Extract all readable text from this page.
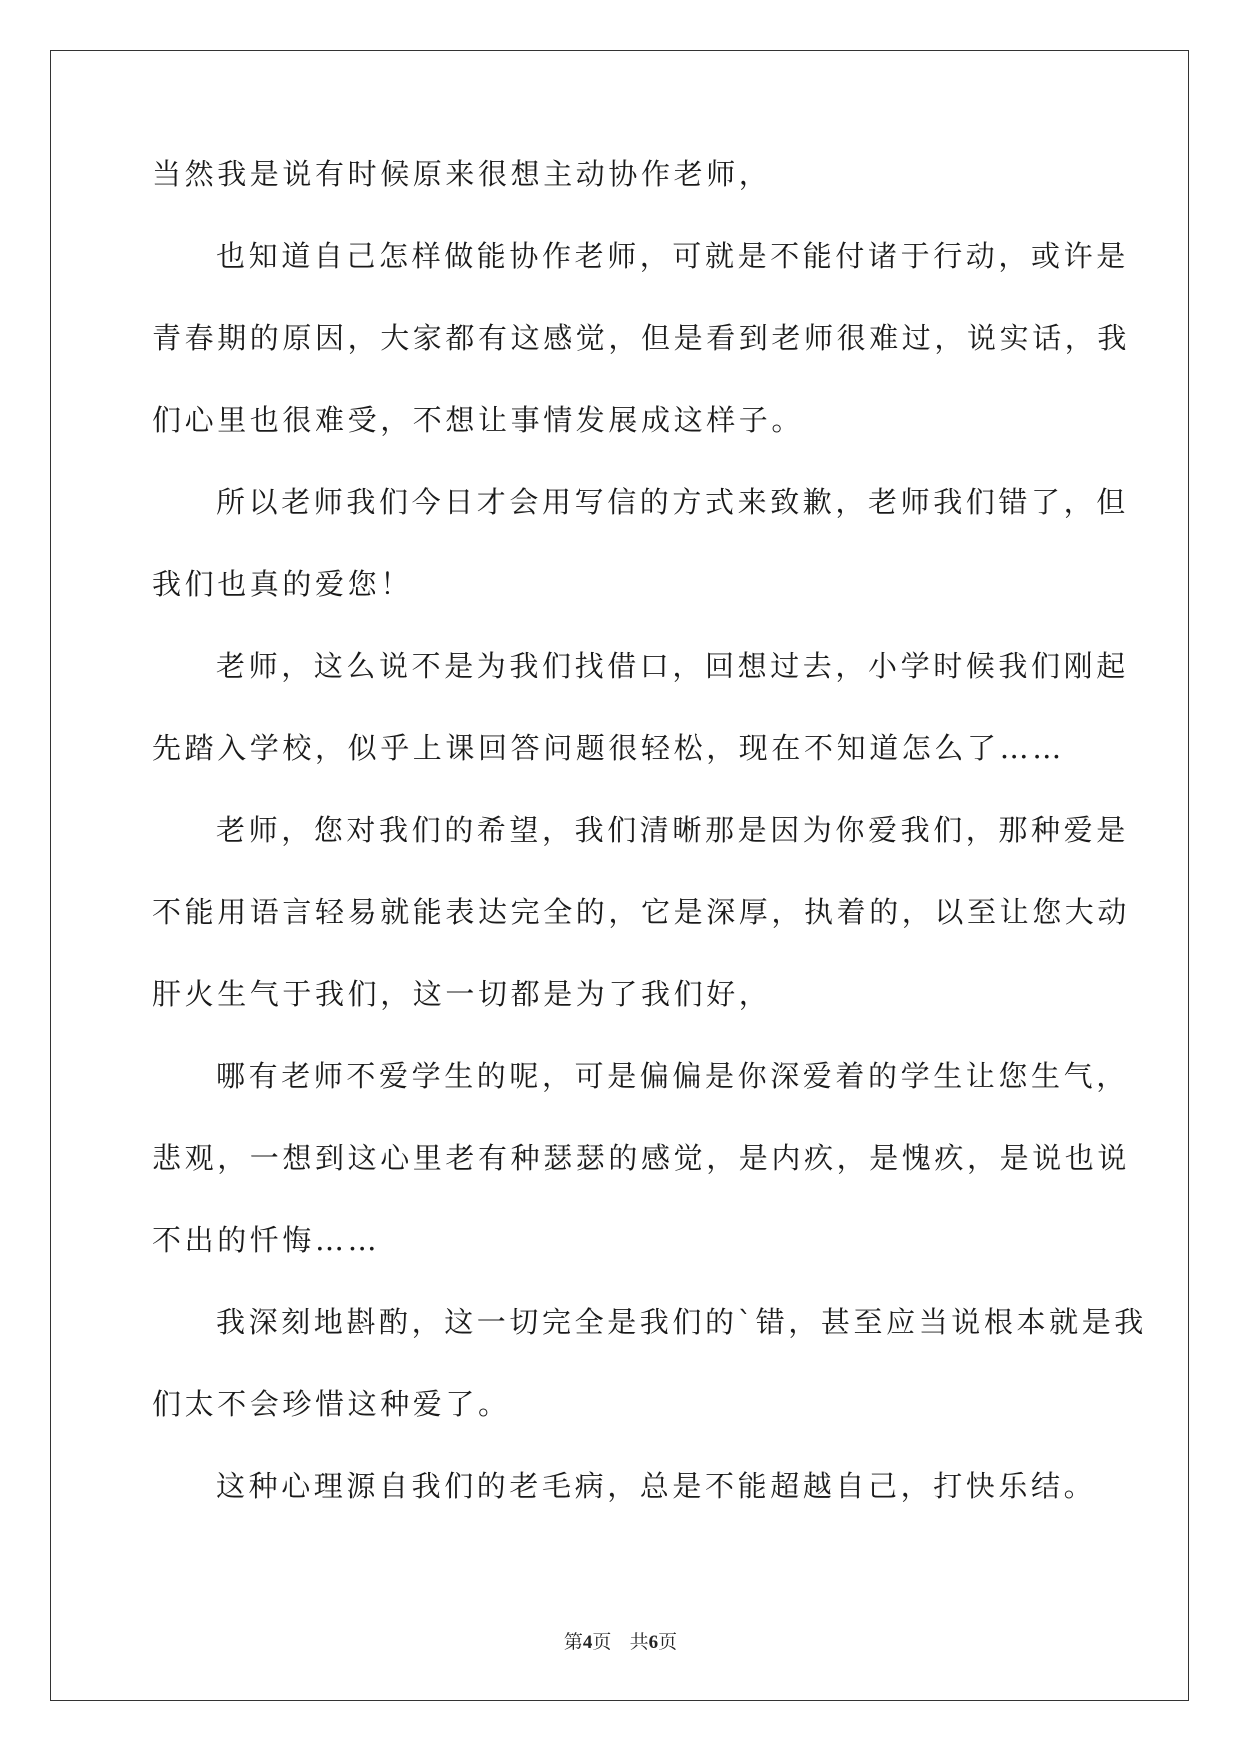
当然我是说有时候原来很想主动协作老师，
也知道自己怎样做能协作老师，可就是不能付诸于行动，或许是
青春期的原因，大家都有这感觉，但是看到老师很难过，说实话，我
们心里也很难受，不想让事情发展成这样子。
所以老师我们今日才会用写信的方式来致歉，老师我们错了，但
我们也真的爱您！
老师，这么说不是为我们找借口，回想过去，小学时候我们刚起
先踏入学校，似乎上课回答问题很轻松，现在不知道怎么了……
老师，您对我们的希望，我们清晰那是因为你爱我们，那种爱是
不能用语言轻易就能表达完全的，它是深厚，执着的，以至让您大动
肝火生气于我们，这一切都是为了我们好，
哪有老师不爱学生的呢，可是偏偏是你深爱着的学生让您生气，
悲观，一想到这心里老有种瑟瑟的感觉，是内疚，是愧疚，是说也说
不出的忏悔……
我深刻地斟酌，这一切完全是我们的`错，甚至应当说根本就是我
们太不会珍惜这种爱了。
这种心理源自我们的老毛病，总是不能超越自己，打快乐结。
第4页 共6页
